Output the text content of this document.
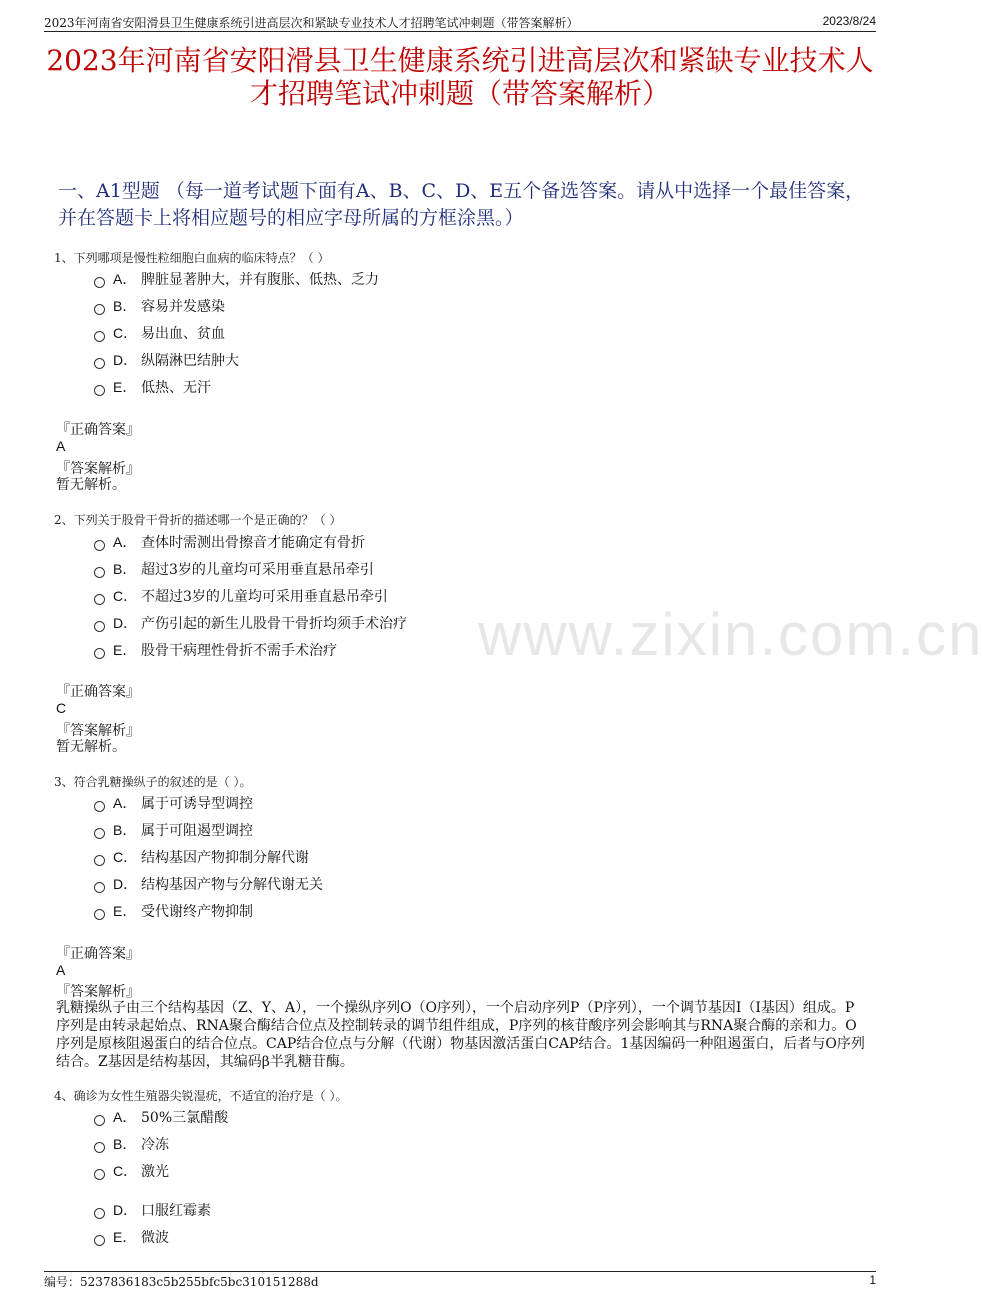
2023年河南省安阳滑县卫生健康系统引进高层次和紧缺专业技术人才招聘笔试冲刺题（带答案解析）	2023/8/24
2023年河南省安阳滑县卫生健康系统引进高层次和紧缺专业技术人才招聘笔试冲刺题（带答案解析）
一、A1型题 （每一道考试题下面有A、B、C、D、E五个备选答案。请从中选择一个最佳答案，并在答题卡上将相应题号的相应字母所属的方框涂黑。）
www.zixin.com.cn
1、下列哪项是慢性粒细胞白血病的临床特点？（ ）
A． 脾脏显著肿大，并有腹胀、低热、乏力
B． 容易并发感染
C． 易出血、贫血
D． 纵隔淋巴结肿大
E． 低热、无汗
『正确答案』
A
『答案解析』
暂无解析。
2、下列关于股骨干骨折的描述哪一个是正确的？（ ）
A． 查体时需测出骨擦音才能确定有骨折
B． 超过3岁的儿童均可采用垂直悬吊牵引
C． 不超过3岁的儿童均可采用垂直悬吊牵引
D． 产伤引起的新生儿股骨干骨折均须手术治疗
E． 股骨干病理性骨折不需手术治疗
『正确答案』
C
『答案解析』
暂无解析。
3、符合乳糖操纵子的叙述的是（ ）。
A． 属于可诱导型调控
B． 属于可阻遏型调控
C． 结构基因产物抑制分解代谢
D． 结构基因产物与分解代谢无关
E． 受代谢终产物抑制
『正确答案』
A
『答案解析』
乳糖操纵子由三个结构基因（Z、Y、A），一个操纵序列O（O序列），一个启动序列P（P序列），一个调节基因I（I基因）组成。P序列是由转录起始点、RNA聚合酶结合位点及控制转录的调节组件组成，P序列的核苷酸序列会影响其与RNA聚合酶的亲和力。O序列是原核阻遏蛋白的结合位点。CAP结合位点与分解（代谢）物基因激活蛋白CAP结合。1基因编码一种阻遏蛋白，后者与O序列结合。Z基因是结构基因，其编码β半乳糖苷酶。
4、确诊为女性生殖器尖锐湿疣，不适宜的治疗是（ ）。
A． 50%三氯醋酸
B． 冷冻
C． 激光
D． 口服红霉素
E． 微波
编号：5237836183c5b255bfc5bc310151288d	1
